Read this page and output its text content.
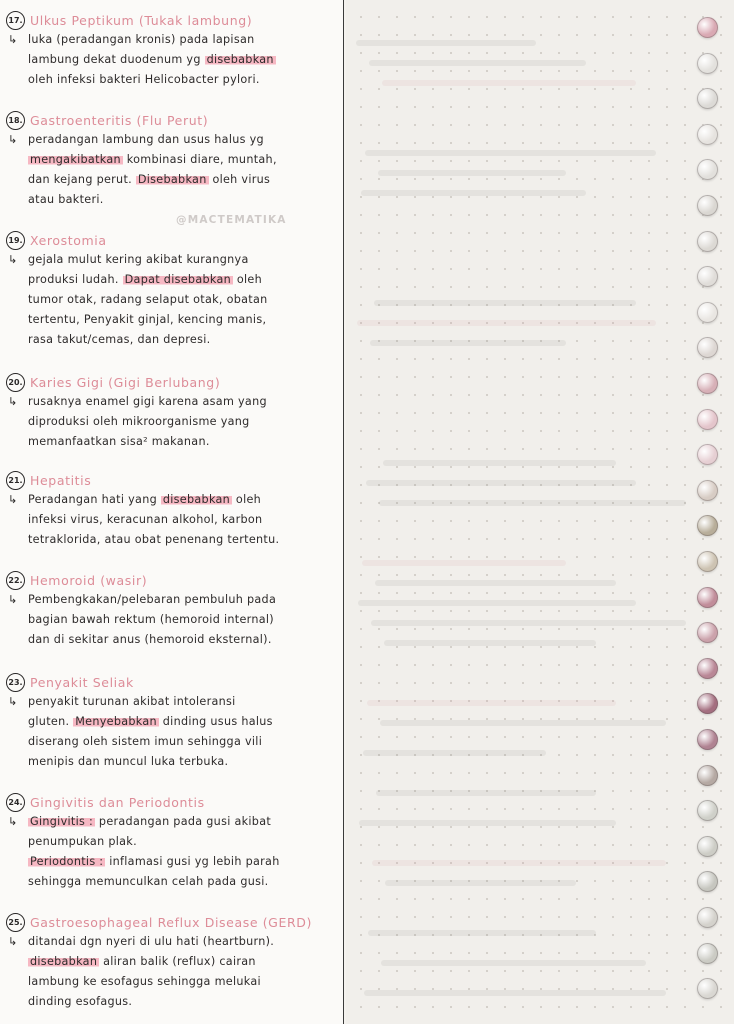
@MACTEMATIKA
17. Ulkus Peptikum (Tukak lambung)
↳ luka (peradangan kronis) pada lapisan
lambung dekat duodenum yg disebabkan
oleh infeksi bakteri Helicobacter pylori.
18. Gastroenteritis (Flu Perut)
↳ peradangan lambung dan usus halus yg
mengakibatkan kombinasi diare, muntah,
dan kejang perut. Disebabkan oleh virus
atau bakteri.
19. Xerostomia
↳ gejala mulut kering akibat kurangnya
produksi ludah. Dapat disebabkan oleh
tumor otak, radang selaput otak, obatan
tertentu, Penyakit ginjal, kencing manis,
rasa takut/cemas, dan depresi.
20. Karies Gigi (Gigi Berlubang)
↳ rusaknya enamel gigi karena asam yang
diproduksi oleh mikroorganisme yang
memanfaatkan sisa² makanan.
21. Hepatitis
↳ Peradangan hati yang disebabkan oleh
infeksi virus, keracunan alkohol, karbon
tetraklorida, atau obat penenang tertentu.
22. Hemoroid (wasir)
↳ Pembengkakan/pelebaran pembuluh pada
bagian bawah rektum (hemoroid internal)
dan di sekitar anus (hemoroid eksternal).
23. Penyakit Seliak
↳ penyakit turunan akibat intoleransi
gluten. Menyebabkan dinding usus halus
diserang oleh sistem imun sehingga vili
menipis dan muncul luka terbuka.
24. Gingivitis dan Periodontis
↳ Gingivitis : peradangan pada gusi akibat
penumpukan plak.
Periodontis : inflamasi gusi yg lebih parah
sehingga memunculkan celah pada gusi.
25. Gastroesophageal Reflux Disease (GERD)
↳ ditandai dgn nyeri di ulu hati (heartburn).
disebabkan aliran balik (reflux) cairan
lambung ke esofagus sehingga melukai
dinding esofagus.
